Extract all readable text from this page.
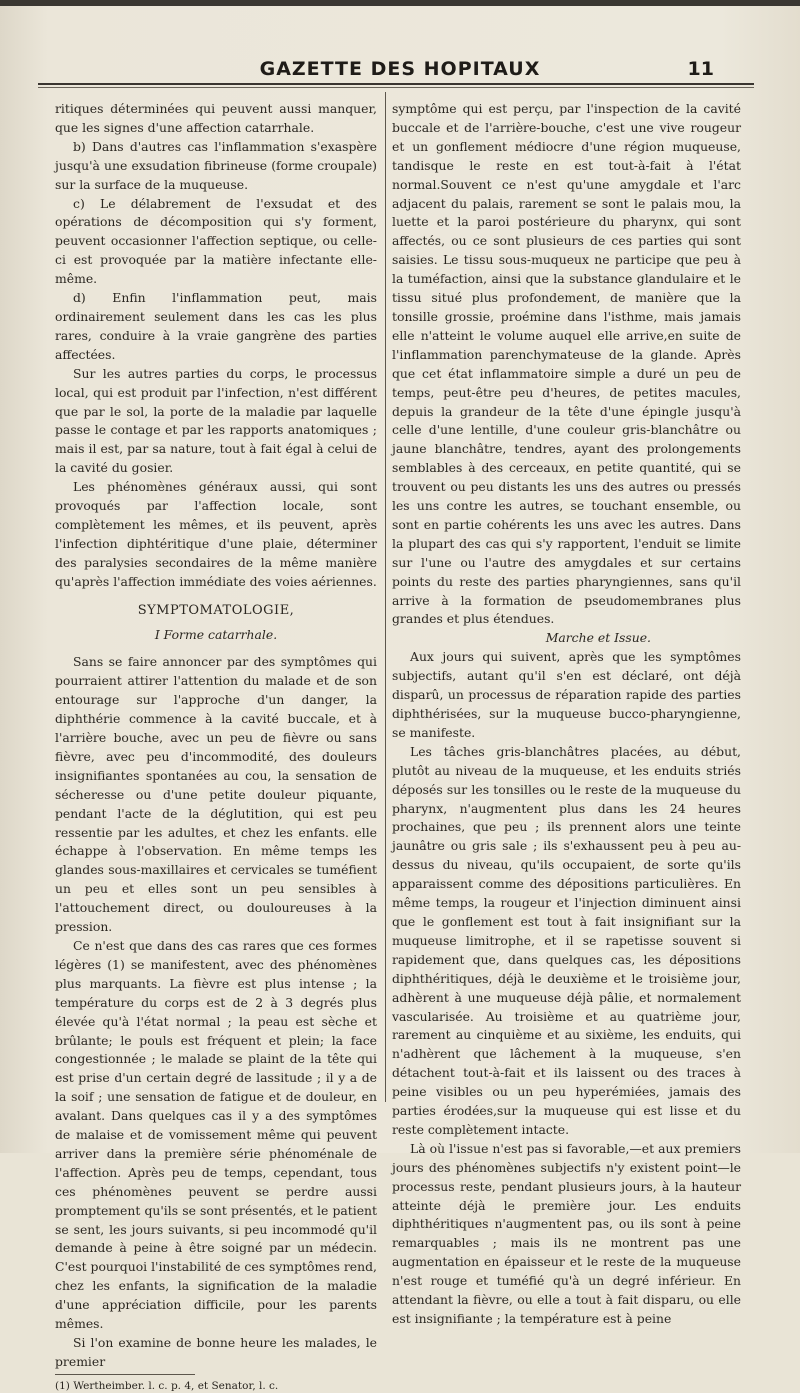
GAZETTE DES HOPITAUX	11

ritiques déterminées qui peuvent aussi manquer, que les signes d'une affection catarrhale.

b) Dans d'autres cas l'inflammation s'exaspère jusqu'à une exsudation fibrineuse (forme croupale) sur la surface de la muqueuse.

c) Le délabrement de l'exsudat et des opérations de décomposition qui s'y forment, peuvent occasionner l'affection septique, ou celle-ci est provoquée par la matière infectante elle-même.

d) Enfin l'inflammation peut, mais ordinairement seulement dans les cas les plus rares, conduire à la vraie gangrène des parties affectées.

Sur les autres parties du corps, le processus local, qui est produit par l'infection, n'est différent que par le sol, la porte de la maladie par laquelle passe le contage et par les rapports anatomiques ; mais il est, par sa nature, tout à fait égal à celui de la cavité du gosier.

Les phénomènes généraux aussi, qui sont provoqués par l'affection locale, sont complètement les mêmes, et ils peuvent, après l'infection diphtéritique d'une plaie, déterminer des paralysies secondaires de la même manière qu'après l'affection immédiate des voies aériennes.

SYMPTOMATOLOGIE,
I Forme catarrhale.

Sans se faire annoncer par des symptômes qui pourraient attirer l'attention du malade et de son entourage sur l'approche d'un danger, la diphthérie commence à la cavité buccale, et à l'arrière bouche, avec un peu de fièvre ou sans fièvre, avec peu d'incommodité, des douleurs insignifiantes spontanées au cou, la sensation de sécheresse ou d'une petite douleur piquante, pendant l'acte de la déglutition, qui est peu ressentie par les adultes, et chez les enfants. elle échappe à l'observation. En même temps les glandes sous-maxillaires et cervicales se tuméfient un peu et elles sont un peu sensibles à l'attouchement direct, ou douloureuses à la pression.

Ce n'est que dans des cas rares que ces formes légères (1) se manifestent, avec des phénomènes plus marquants. La fièvre est plus intense ; la température du corps est de 2 à 3 degrés plus élevée qu'à l'état normal ; la peau est sèche et brûlante; le pouls est fréquent et plein; la face congestionnée ; le malade se plaint de la tête qui est prise d'un certain degré de lassitude ; il y a de la soif ; une sensation de fatigue et de douleur, en avalant. Dans quelques cas il y a des symptômes de malaise et de vomissement même qui peuvent arriver dans la première série phénoménale de l'affection. Après peu de temps, cependant, tous ces phénomènes peuvent se perdre aussi promptement qu'ils se sont présentés, et le patient se sent, les jours suivants, si peu incommodé qu'il demande à peine à être soigné par un médecin. C'est pourquoi l'instabilité de ces symptômes rend, chez les enfants, la signification de la maladie d'une appréciation difficile, pour les parents mêmes.

Si l'on examine de bonne heure les malades, le premier

(1) Wertheimber. l. c. p. 4, et Senator, l. c.

symptôme qui est perçu, par l'inspection de la cavité buccale et de l'arrière-bouche, c'est une vive rougeur et un gonflement médiocre d'une région muqueuse, tandisque le reste en est tout-à-fait à l'état normal.Souvent ce n'est qu'une amygdale et l'arc adjacent du palais, rarement se sont le palais mou, la luette et la paroi postérieure du pharynx, qui sont affectés, ou ce sont plusieurs de ces parties qui sont saisies. Le tissu sous-muqueux ne participe que peu à la tuméfaction, ainsi que la substance glandulaire et le tissu situé plus profondement, de manière que la tonsille grossie, proémine dans l'isthme, mais jamais elle n'atteint le volume auquel elle arrive,en suite de l'inflammation parenchymateuse de la glande. Après que cet état inflammatoire simple a duré un peu de temps, peut-être peu d'heures, de petites macules, depuis la grandeur de la tête d'une épingle jusqu'à celle d'une lentille, d'une couleur gris-blanchâtre ou jaune blanchâtre, tendres, ayant des prolongements semblables à des cerceaux, en petite quantité, qui se trouvent ou peu distants les uns des autres ou pressés les uns contre les autres, se touchant ensemble, ou sont en partie cohérents les uns avec les autres. Dans la plupart des cas qui s'y rapportent, l'enduit se limite sur l'une ou l'autre des amygdales et sur certains points du reste des parties pharyngiennes, sans qu'il arrive à la formation de pseudomembranes plus grandes et plus étendues.

Marche et Issue.

Aux jours qui suivent, après que les symptômes subjectifs, autant qu'il s'en est déclaré, ont déjà disparû, un processus de réparation rapide des parties diphthérisées, sur la muqueuse bucco-pharyngienne, se manifeste.

Les tâches gris-blanchâtres placées, au début, plutôt au niveau de la muqueuse, et les enduits striés déposés sur les tonsilles ou le reste de la muqueuse du pharynx, n'augmentent plus dans les 24 heures prochaines, que peu ; ils prennent alors une teinte jaunâtre ou gris sale ; ils s'exhaussent peu à peu au-dessus du niveau, qu'ils occupaient, de sorte qu'ils apparaissent comme des dépositions particulières. En même temps, la rougeur et l'injection diminuent ainsi que le gonflement est tout à fait insignifiant sur la muqueuse limitrophe, et il se rapetisse souvent si rapidement que, dans quelques cas, les dépositions diphthéritiques, déjà le deuxième et le troisième jour, adhèrent à une muqueuse déjà pâlie, et normalement vascularisée. Au troisième et au quatrième jour, rarement au cinquième et au sixième, les enduits, qui n'adhèrent que lâchement à la muqueuse, s'en détachent tout-à-fait et ils laissent ou des traces à peine visibles ou un peu hyperémiées, jamais des parties érodées,sur la muqueuse qui est lisse et du reste complètement intacte.

Là où l'issue n'est pas si favorable,—et aux premiers jours des phénomènes subjectifs n'y existent point—le processus reste, pendant plusieurs jours, à la hauteur atteinte déjà le première jour. Les enduits diphthéritiques n'augmentent pas, ou ils sont à peine remarquables ; mais ils ne montrent pas une augmentation en épaisseur et le reste de la muqueuse n'est rouge et tuméfié qu'à un degré inférieur. En attendant la fièvre, ou elle a tout à fait disparu, ou elle est insignifiante ; la température est à peine
